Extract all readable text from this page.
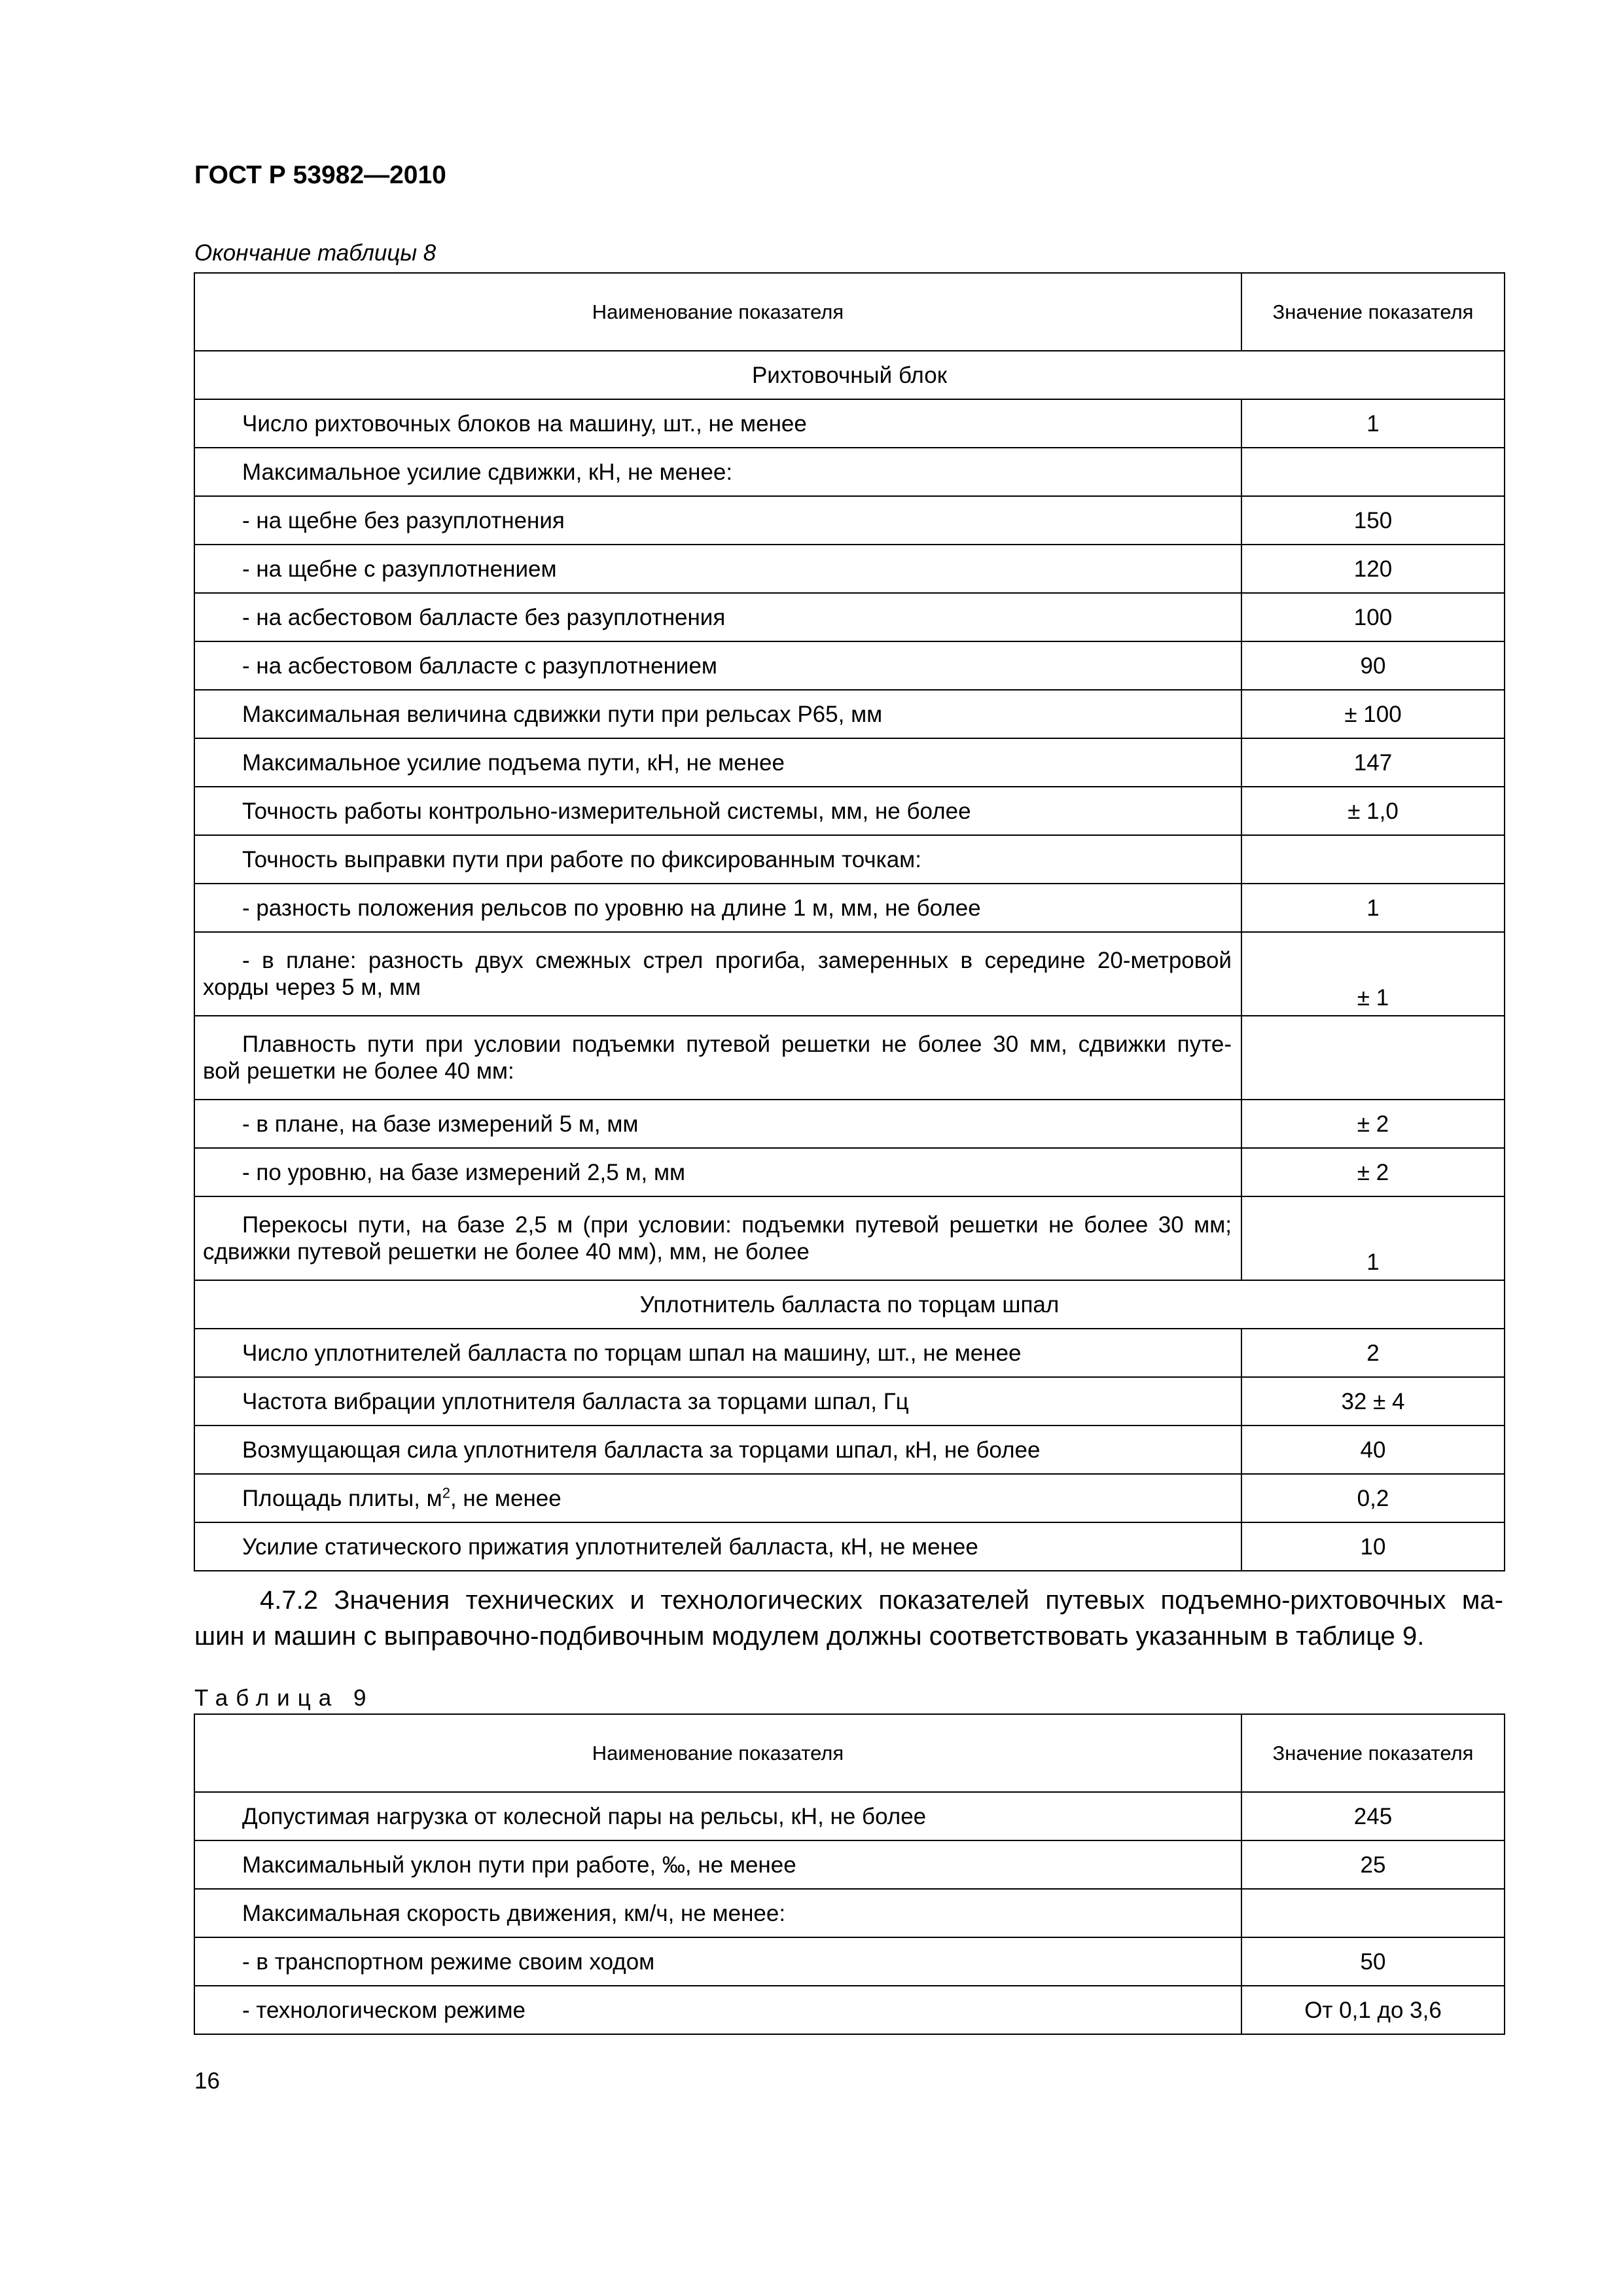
ГОСТ Р 53982—2010
Окончание таблицы 8
Наименование показателя	Значение показателя
Рихтовочный блок	
Число рихтовочных блоков на машину, шт., не менее	1
Максимальное усилие сдвижки, кН, не менее:	
- на щебне без разуплотнения	150
- на щебне с разуплотнением	120
- на асбестовом балласте без разуплотнения	100
- на асбестовом балласте с разуплотнением	90
Максимальная величина сдвижки пути при рельсах Р65, мм	± 100
Максимальное усилие подъема пути, кН, не менее	147
Точность работы контрольно-измерительной системы, мм, не более	± 1,0
Точность выправки пути при работе по фиксированным точкам:	
- разность положения рельсов по уровню на длине 1 м, мм, не более	1

- в плане: разность двух смежных стрел прогиба, замеренных в середине 20-метровой
хорды через 5 м, мм	± 1

Плавность пути при условии подъемки путевой решетки не более 30 мм, сдвижки путе-
вой решетки не более 40 мм:	

- в плане, на базе измерений 5 м, мм	± 2
- по уровню, на базе измерений 2,5 м, мм	± 2

Перекосы пути, на базе 2,5 м (при условии: подъемки путевой решетки не более 30 мм;
сдвижки путевой решетки не более 40 мм), мм, не более	1
Уплотнитель балласта по торцам шпал	
Число уплотнителей балласта по торцам шпал на машину, шт., не менее	2
Частота вибрации уплотнителя балласта за торцами шпал, Гц	32 ± 4
Возмущающая сила уплотнителя балласта за торцами шпал, кН, не более	40
Площадь плиты, $м^2$, не менее	0,2
Усилие статического прижатия уплотнителей балласта, кН, не менее	10
4.7.2 Значения технических и технологических показателей путевых подъемно-рихтовочных ма-
шин и машин с выправочно-подбивочным модулем должны соответствовать указанным в таблице 9.
Таблица 9
Наименование показателя	Значение показателя
Допустимая нагрузка от колесной пары на рельсы, кН, не более	245
Максимальный уклон пути при работе, ‰, не менее	25
Максимальная скорость движения, км/ч, не менее:	
- в транспортном режиме своим ходом	50
- технологическом режиме	От 0,1 до 3,6
16
